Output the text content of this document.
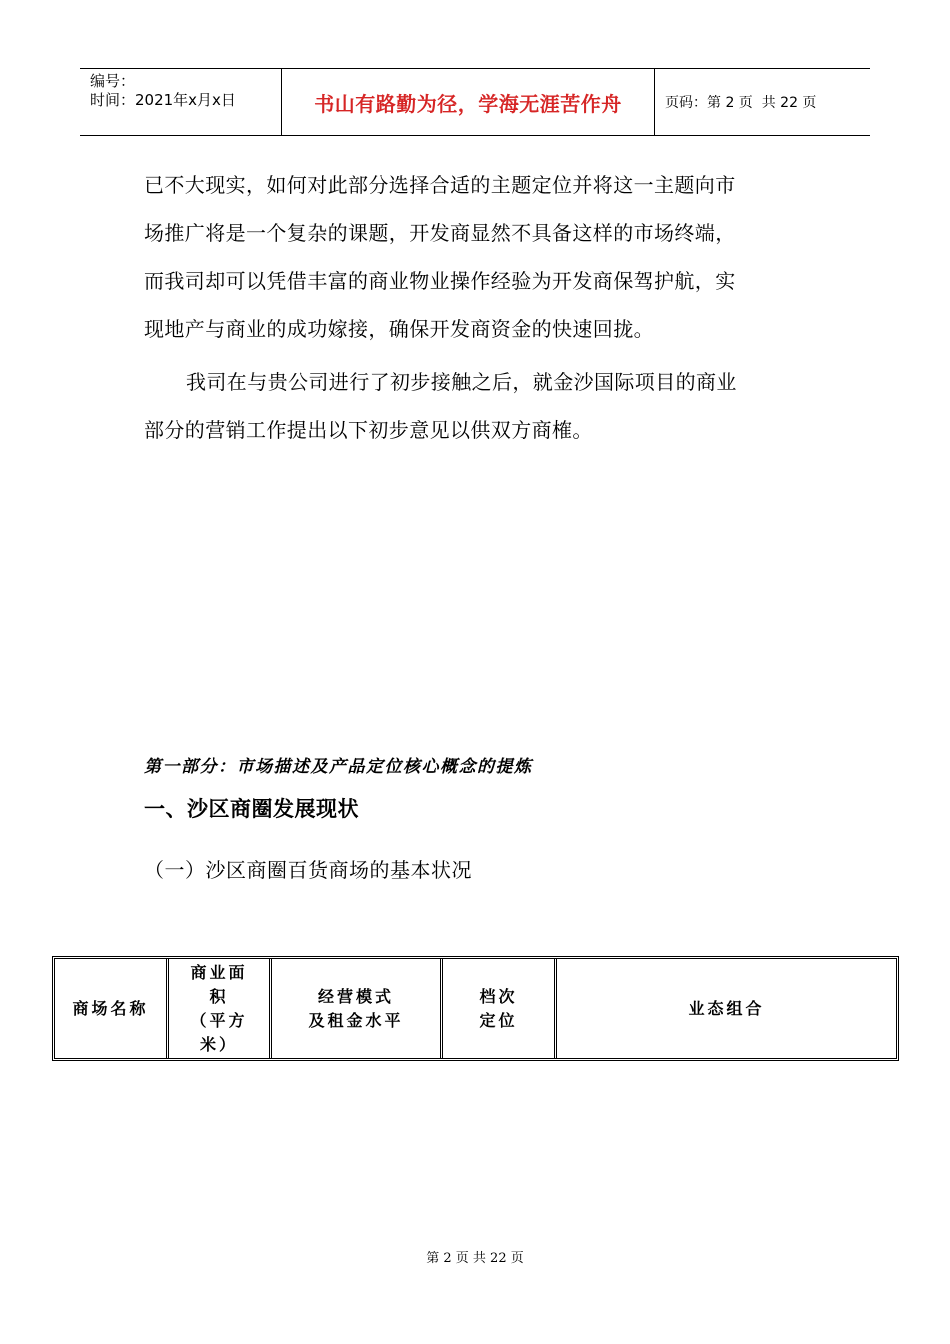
编号：
时间：2021年x月x日	书山有路勤为径，学海无涯苦作舟	页码：第 2 页  共 22 页
已不大现实，如何对此部分选择合适的主题定位并将这一主题向市
场推广将是一个复杂的课题，开发商显然不具备这样的市场终端，
而我司却可以凭借丰富的商业物业操作经验为开发商保驾护航，实
现地产与商业的成功嫁接，确保开发商资金的快速回拢。
我司在与贵公司进行了初步接触之后，就金沙国际项目的商业
部分的营销工作提出以下初步意见以供双方商榷。
第一部分：市场描述及产品定位核心概念的提炼
一、沙区商圈发展现状
（一）沙区商圈百货商场的基本状况
商场名称
商业面
积
（平方
米）
经营模式
及租金水平
档次
定位
业态组合
第 2 页 共 22 页
